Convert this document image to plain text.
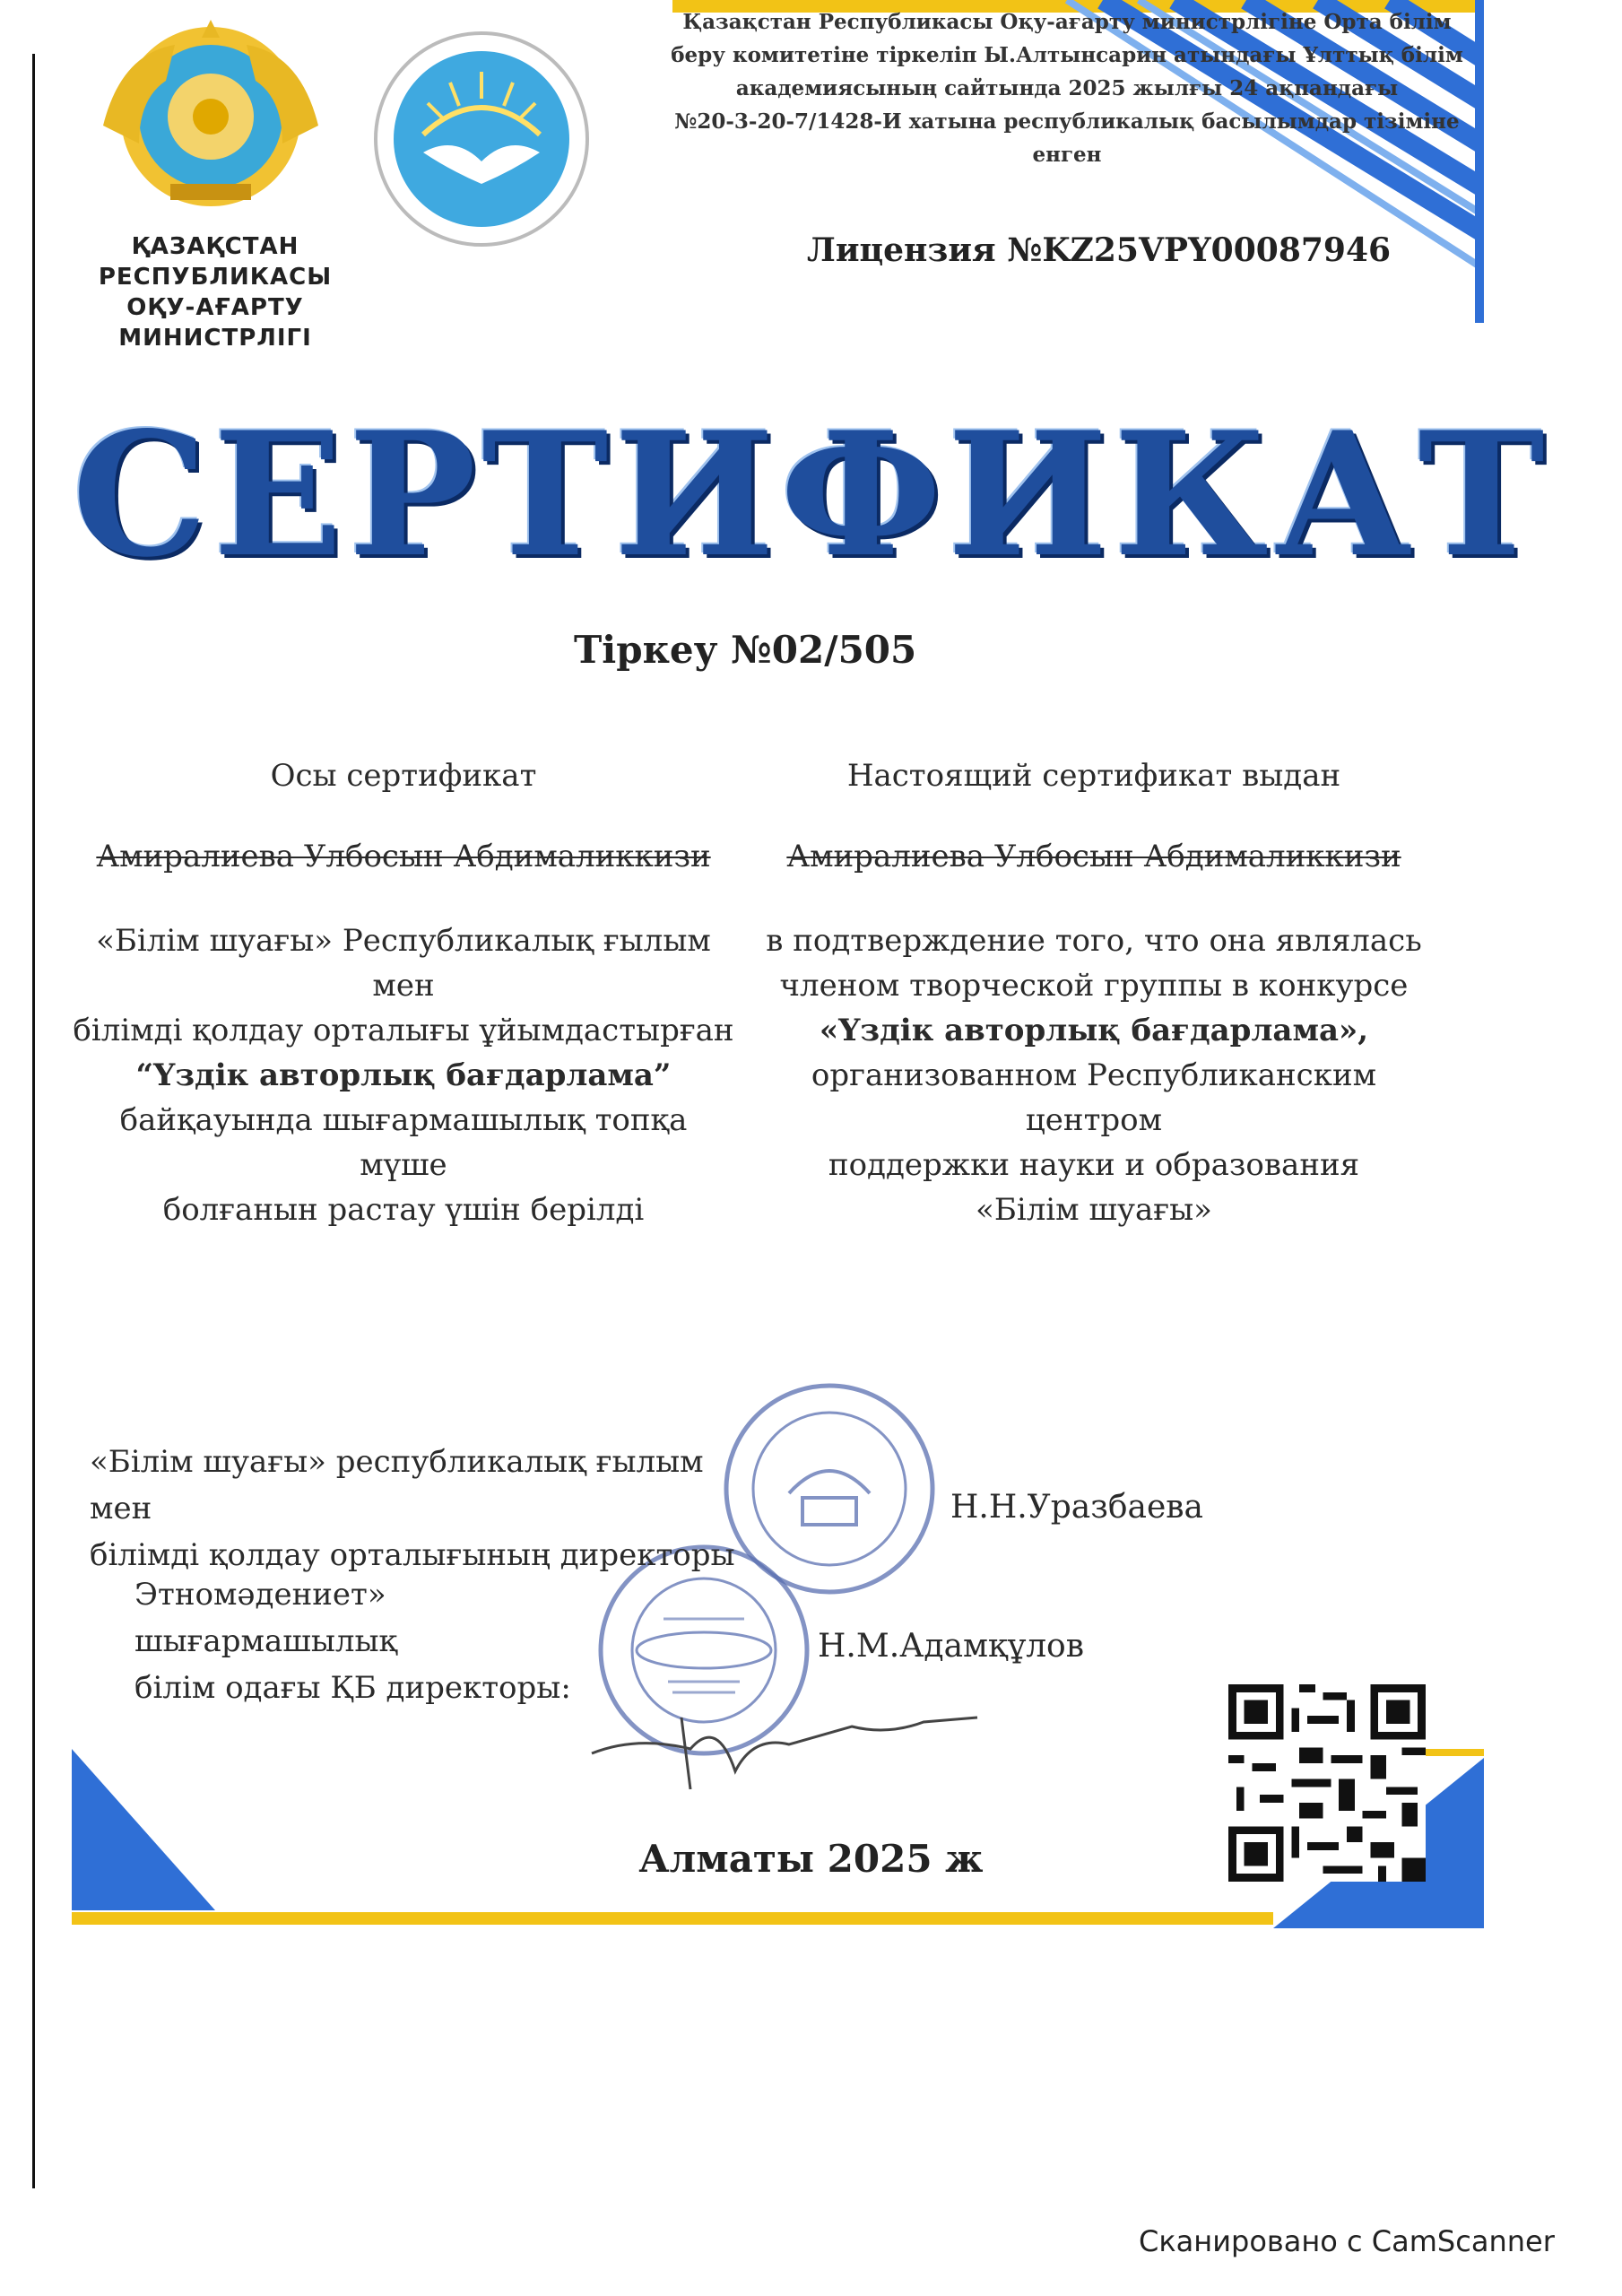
ҚАЗАҚСТАН РЕСПУБЛИКАСЫ
ОҚУ-АҒАРТУ МИНИСТРЛІГІ
Қазақстан Республикасы Оқу-ағарту министрлігіне Орта білім
беру комитетіне тіркеліп Ы.Алтынсарин атындағы Ұлттық білім
академиясының сайтында 2025 жылғы 24 ақпандағы
№20-3-20-7/1428-И хатына республикалық басылымдар тізіміне
енген
Лицензия №KZ25VPY00087946
СЕРТИФИКАТ
Тіркеу №02/505
Осы сертификат
Амиралиева Улбосын Абдималиккизи
«Білім шуағы» Республикалық ғылым мен
білімді қолдау орталығы ұйымдастырған
“Үздік авторлық бағдарлама”
байқауында шығармашылық топқа мүше
болғанын растау үшін берілді
Настоящий сертификат выдан
Амиралиева Улбосын Абдималиккизи
в подтверждение того, что она являлась
членом творческой группы в конкурсе
«Үздік авторлық бағдарлама»,
организованном Республиканским центром
поддержки науки и образования
«Білім шуағы»
«Білім шуағы» республикалық ғылым мен
білімді қолдау орталығының директоры
Н.Н.Уразбаева
Этномәдениет» шығармашылық
білім одағы ҚБ директоры:
Н.М.Адамқұлов
Алматы 2025 ж
Сканировано с CamScanner
